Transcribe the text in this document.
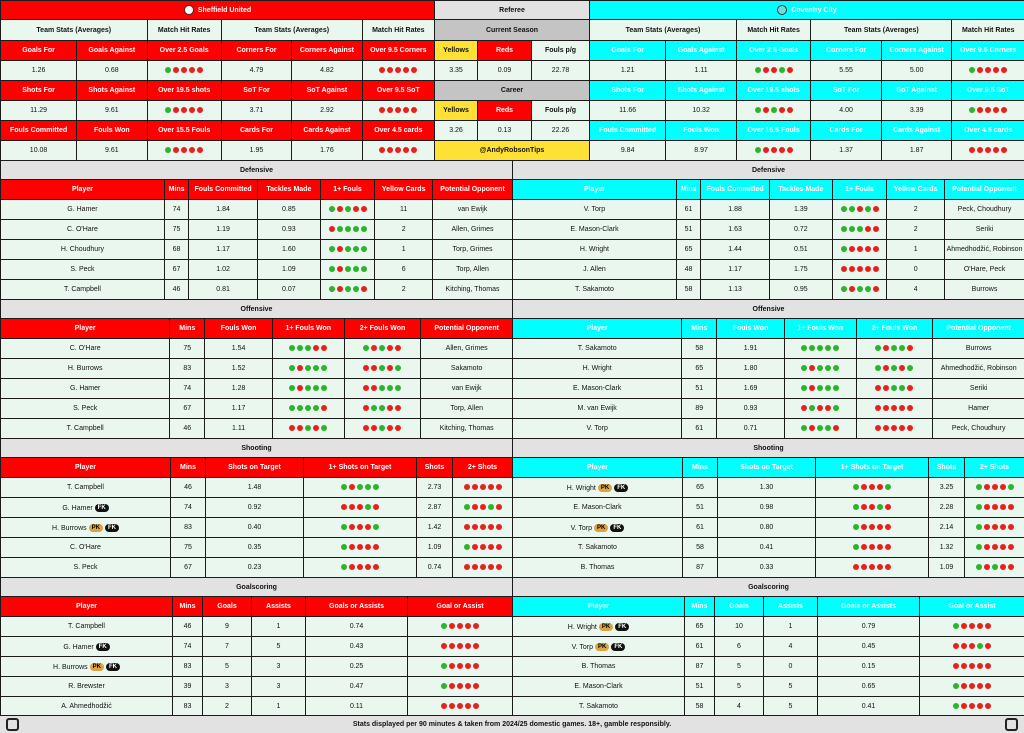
Sheffield United					
Team Stats (Averages)		Match Hit Rates	Team Stats (Averages)		Match Hit Rates
Goals For	Goals Against	Over 2.5 Goals	Corners For	Corners Against	Over 9.5 Corners
1.26	0.68		4.79	4.82	
Shots For	Shots Against	Over 19.5 shots	SoT For	SoT Against	Over 9.5 SoT
11.29	9.61		3.71	2.92	
Fouls Committed	Fouls Won	Over 15.5 Fouls	Cards For	Cards Against	Over 4.5 cards
10.08	9.61		1.95	1.76	
Coventry City					
Team Stats (Averages)		Match Hit Rates	Team Stats (Averages)		Match Hit Rates
Goals For	Goals Against	Over 2.5 Goals	Corners For	Corners Against	Over 9.5 Corners
1.21	1.11		5.55	5.00	
Shots For	Shots Against	Over 19.5 shots	SoT For	SoT Against	Over 9.5 SoT
11.66	10.32		4.00	3.39	
Fouls Committed	Fouls Won	Over 15.5 Fouls	Cards For	Cards Against	Over 4.5 cards
9.84	8.97		1.37	1.87	
Referee		
Current Season		
Yellows	Reds	Fouls p/g
3.35	0.09	22.78
Career		
Yellows	Reds	Fouls p/g
3.26	0.13	22.26
@AndyRobsonTips		
Defensive						
Player	Mins	Fouls Committed	Tackles Made	1+ Fouls	Yellow Cards	Potential Opponent
G. Hamer	74	1.84	0.85		11	van Ewijk
C. O'Hare	75	1.19	0.93		2	Allen, Grimes
H. Choudhury	68	1.17	1.60		1	Torp, Grimes
S. Peck	67	1.02	1.09		6	Torp, Allen
T. Campbell	46	0.81	0.07		2	Kitching, Thomas
Offensive					
Player	Mins	Fouls Won	1+ Fouls Won	2+ Fouls Won	Potential Opponent
C. O'Hare	75	1.54			Allen, Grimes
H. Burrows	83	1.52			Sakamoto
G. Hamer	74	1.28			van Ewijk
S. Peck	67	1.17			Torp, Allen
T. Campbell	46	1.11			Kitching, Thomas
Defensive						
Player	Mins	Fouls Committed	Tackles Made	1+ Fouls	Yellow Cards	Potential Opponent
V. Torp	61	1.88	1.39		2	Peck, Choudhury
E. Mason-Clark	51	1.63	0.72		2	Seriki
H. Wright	65	1.44	0.51		1	Ahmedhodžić, Robinson
J. Allen	48	1.17	1.75		0	O'Hare, Peck
T. Sakamoto	58	1.13	0.95		4	Burrows
Offensive					
Player	Mins	Fouls Won	1+ Fouls Won	2+ Fouls Won	Potential Opponent
T. Sakamoto	58	1.91			Burrows
H. Wright	65	1.80			Ahmedhodžić, Robinson
E. Mason-Clark	51	1.69			Seriki
M. van Ewijk	89	0.93			Hamer
V. Torp	61	0.71			Peck, Choudhury
Shooting					
Player	Mins	Shots on Target	1+ Shots on Target	Shots	2+ Shots
T. Campbell	46	1.48		2.73	
G. Hamer FK	74	0.92		2.87	
H. Burrows PK FK	83	0.40		1.42	
C. O'Hare	75	0.35		1.09	
S. Peck	67	0.23		0.74	
Goalscoring					
Player	Mins	Goals	Assists	Goals or Assists	Goal or Assist
T. Campbell	46	9	1	0.74	
G. Hamer FK	74	7	5	0.43	
H. Burrows PK FK	83	5	3	0.25	
R. Brewster	39	3	3	0.47	
A. Ahmedhodžić	83	2	1	0.11	
Shooting					
Player	Mins	Shots on Target	1+ Shots on Target	Shots	2+ Shots
H. Wright PK FK	65	1.30		3.25	
E. Mason-Clark	51	0.98		2.28	
V. Torp PK FK	61	0.80		2.14	
T. Sakamoto	58	0.41		1.32	
B. Thomas	87	0.33		1.09	
Goalscoring					
Player	Mins	Goals	Assists	Goals or Assists	Goal or Assist
H. Wright PK FK	65	10	1	0.79	
V. Torp PK FK	61	6	4	0.45	
B. Thomas	87	5	0	0.15	
E. Mason-Clark	51	5	5	0.65	
T. Sakamoto	58	4	5	0.41	
Stats displayed per 90 minutes & taken from 2024/25 domestic games. 18+, gamble responsibly.
